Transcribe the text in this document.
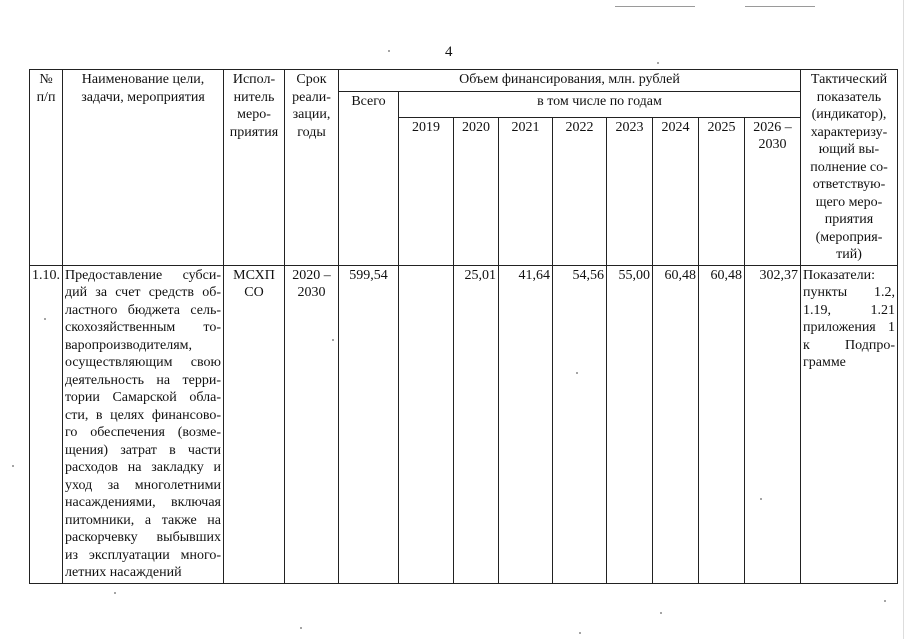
4
№ п/п	Наименование цели, задачи, мероприятия	Испол-нитель меро-приятия	Срок реали-зации, годы	Объем финансирования, млн. рублей									Тактический показатель (индикатор), характеризу-ющий вы-полнение со-ответствую-щего меро-приятия (мероприя-тий)
				Всего	в том числе по годам								
					2019	2020	2021	2022	2023	2024	2025	2026 – 2030	
1.10.	Предоставление субси-дий за счет средств об-ластного бюджета сель-скохозяйственным то-варопроизводителям, осуществляющим свою деятельность на терри-тории Самарской обла-сти, в целях финансово-го обеспечения (возме-щения) затрат в части расходов на закладку и уход за многолетними насаждениями, включая питомники, а также на раскорчевку выбывших из эксплуатации много-летних насаждений	МСХП СО	2020 – 2030	599,54		25,01	41,64	54,56	55,00	60,48	60,48	302,37	Показатели: пункты 1.2, 1.19, 1.21 приложения 1 к Подпро-грамме
